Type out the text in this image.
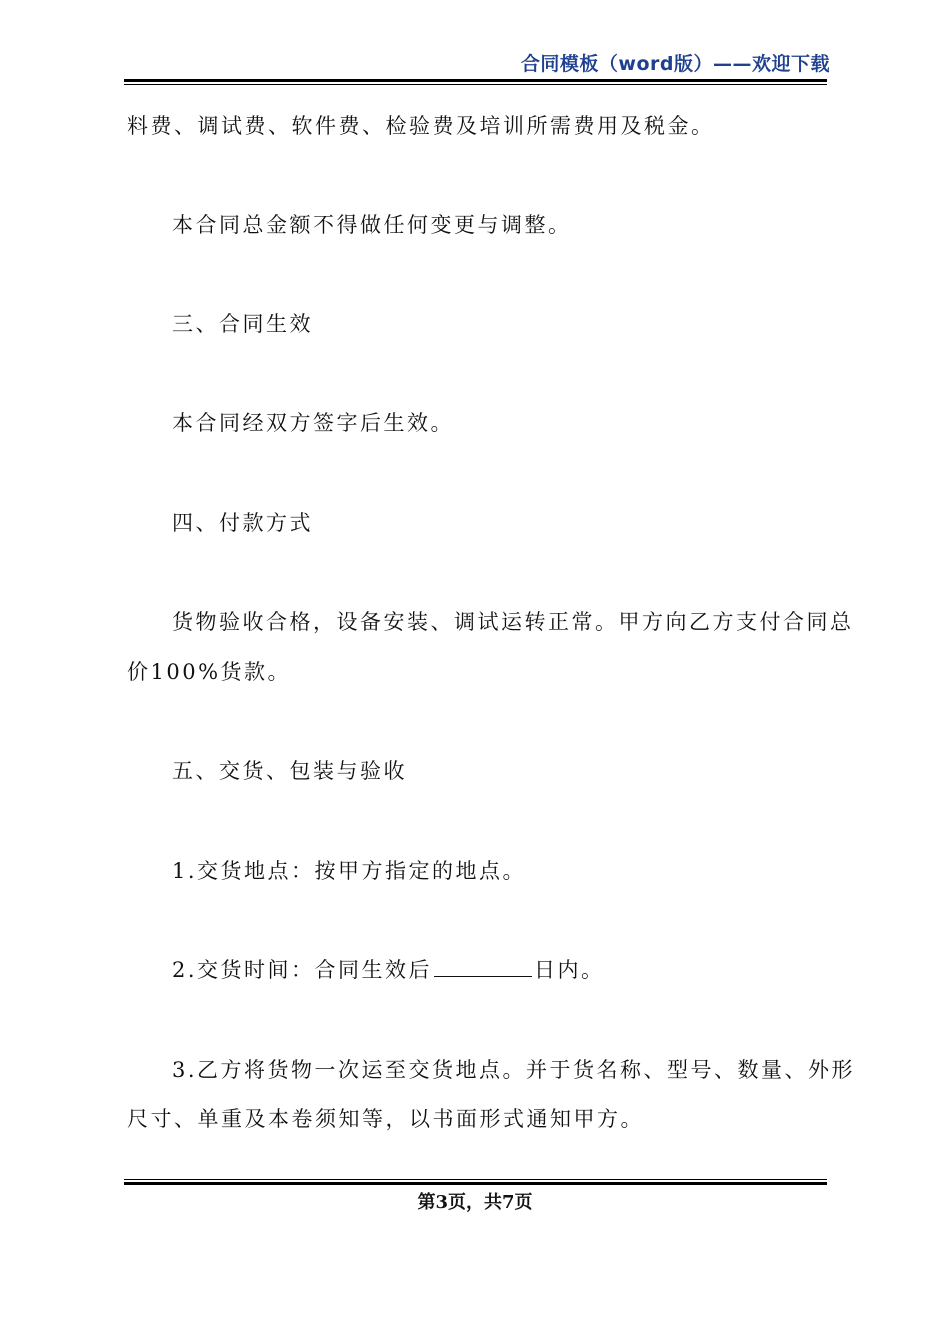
合同模板（word版）——欢迎下载
料费、调试费、软件费、检验费及培训所需费用及税金。
本合同总金额不得做任何变更与调整。
三、合同生效
本合同经双方签字后生效。
四、付款方式
货物验收合格，设备安装、调试运转正常。甲方向乙方支付合同总
价100%货款。
五、交货、包装与验收
1.交货地点：按甲方指定的地点。
2.交货时间：合同生效后	日内。
3.乙方将货物一次运至交货地点。并于货名称、型号、数量、外形
尺寸、单重及本卷须知等，以书面形式通知甲方。
第3页，共7页
